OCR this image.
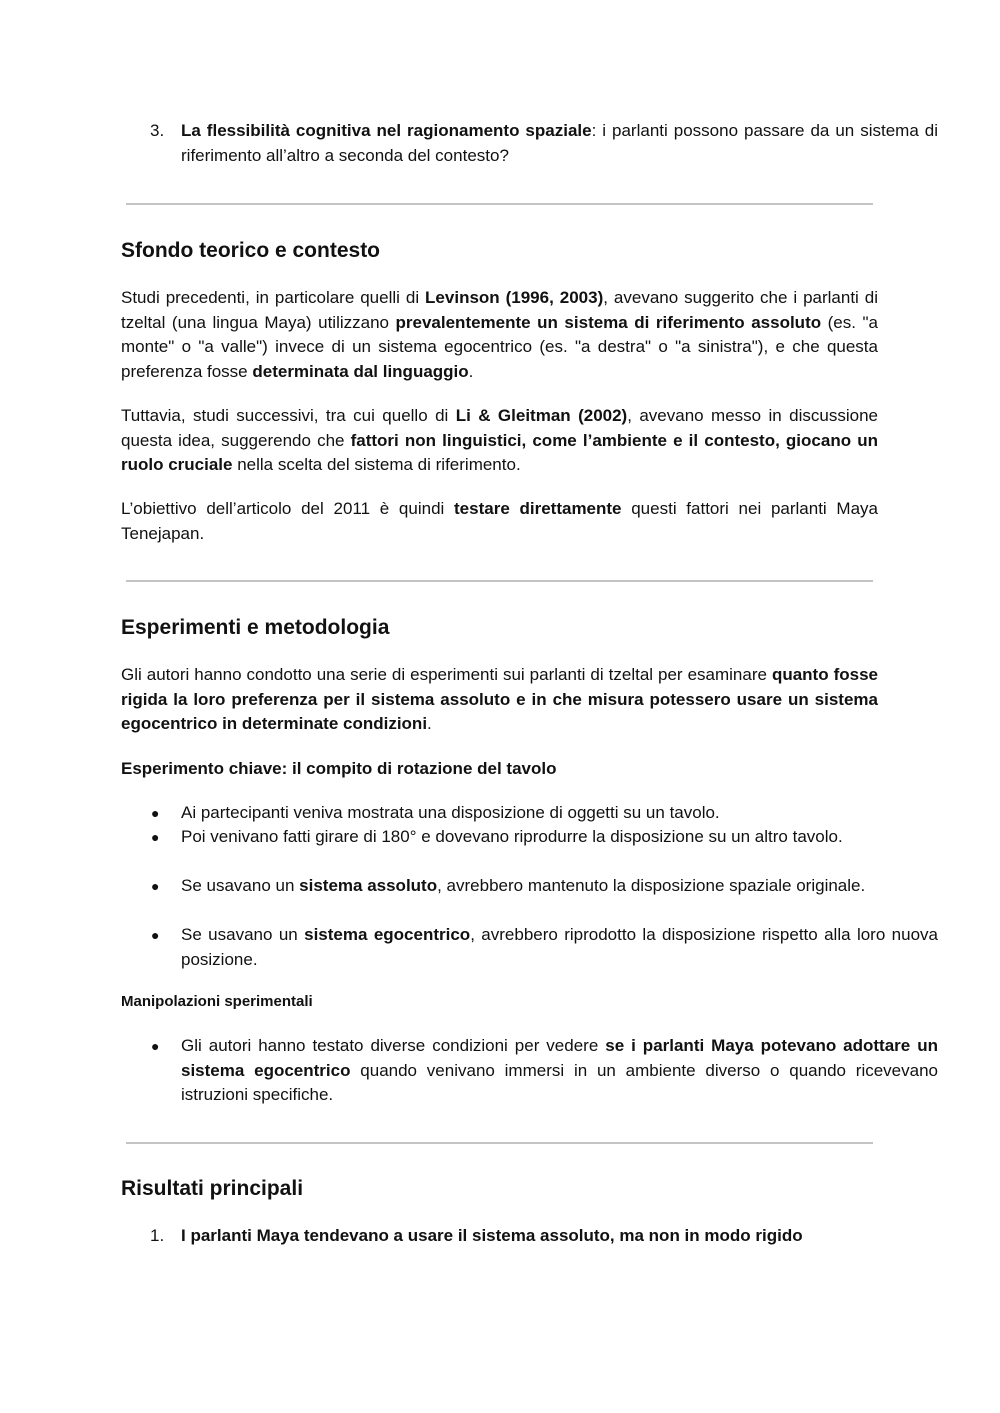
3. La flessibilità cognitiva nel ragionamento spaziale: i parlanti possono passare da un sistema di riferimento all’altro a seconda del contesto?

Sfondo teorico e contesto

Studi precedenti, in particolare quelli di Levinson (1996, 2003), avevano suggerito che i parlanti di tzeltal (una lingua Maya) utilizzano prevalentemente un sistema di riferimento assoluto (es. "a monte" o "a valle") invece di un sistema egocentrico (es. "a destra" o "a sinistra"), e che questa preferenza fosse determinata dal linguaggio.

Tuttavia, studi successivi, tra cui quello di Li & Gleitman (2002), avevano messo in discussione questa idea, suggerendo che fattori non linguistici, come l’ambiente e il contesto, giocano un ruolo cruciale nella scelta del sistema di riferimento.

L’obiettivo dell’articolo del 2011 è quindi testare direttamente questi fattori nei parlanti Maya Tenejapan.

Esperimenti e metodologia

Gli autori hanno condotto una serie di esperimenti sui parlanti di tzeltal per esaminare quanto fosse rigida la loro preferenza per il sistema assoluto e in che misura potessero usare un sistema egocentrico in determinate condizioni.

Esperimento chiave: il compito di rotazione del tavolo
● Ai partecipanti veniva mostrata una disposizione di oggetti su un tavolo.

● Poi venivano fatti girare di 180° e dovevano riprodurre la disposizione su un altro tavolo.

● Se usavano un sistema assoluto, avrebbero mantenuto la disposizione spaziale originale.

● Se usavano un sistema egocentrico, avrebbero riprodotto la disposizione rispetto alla loro nuova posizione.

Manipolazioni sperimentali
● Gli autori hanno testato diverse condizioni per vedere se i parlanti Maya potevano adottare un sistema egocentrico quando venivano immersi in un ambiente diverso o quando ricevevano istruzioni specifiche.

Risultati principali
1. I parlanti Maya tendevano a usare il sistema assoluto, ma non in modo rigido
